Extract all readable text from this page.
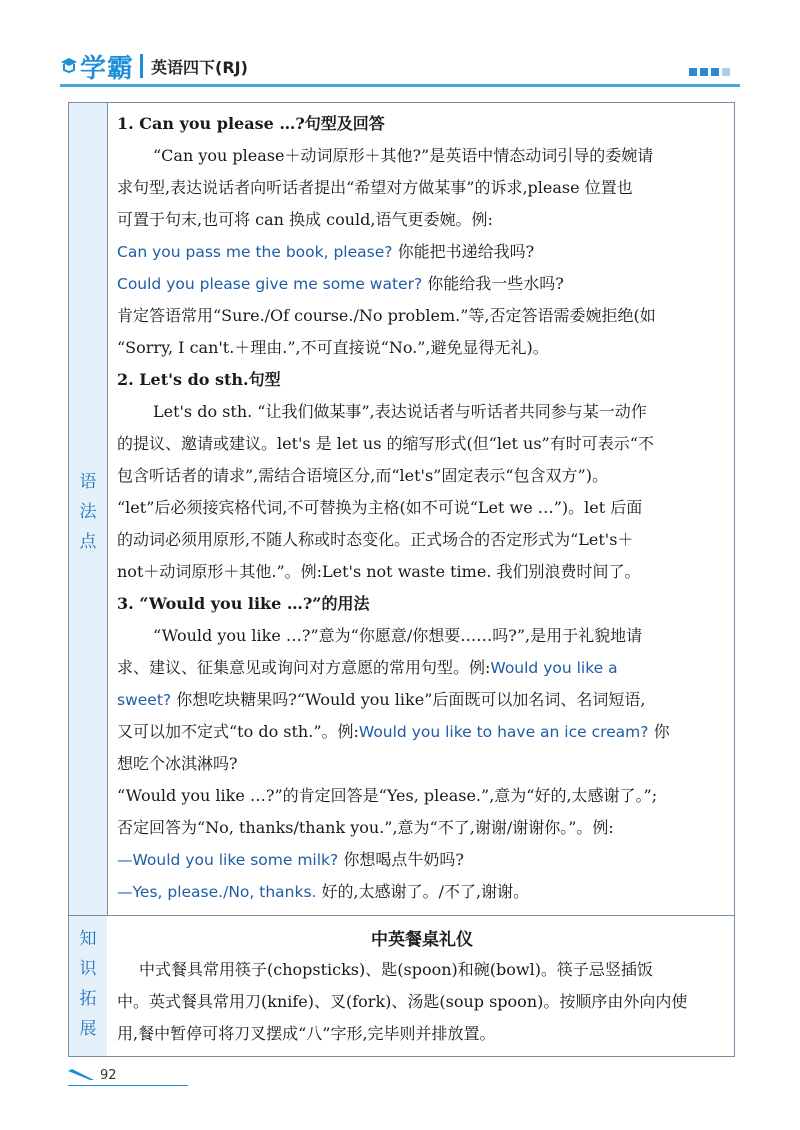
学霸 英语四下(RJ)
语
法
点
知
识
拓
展
1. Can you please …?句型及回答
“Can you please＋动词原形＋其他?”是英语中情态动词引导的委婉请
求句型,表达说话者向听话者提出“希望对方做某事”的诉求,please 位置也
可置于句末,也可将 can 换成 could,语气更委婉。例:
Can you pass me the book, please? 你能把书递给我吗?
Could you please give me some water? 你能给我一些水吗?
肯定答语常用“Sure./Of course./No problem.”等,否定答语需委婉拒绝(如
“Sorry, I can't.＋理由.”,不可直接说“No.”,避免显得无礼)。
2. Let's do sth.句型
Let's do sth. “让我们做某事”,表达说话者与听话者共同参与某一动作
的提议、邀请或建议。let's 是 let us 的缩写形式(但“let us”有时可表示“不
包含听话者的请求”,需结合语境区分,而“let's”固定表示“包含双方”)。
“let”后必须接宾格代词,不可替换为主格(如不可说“Let we …”)。let 后面
的动词必须用原形,不随人称或时态变化。正式场合的否定形式为“Let's＋
not＋动词原形＋其他.”。例:Let's not waste time. 我们别浪费时间了。
3. “Would you like …?”的用法
“Would you like …?”意为“你愿意/你想要……吗?”,是用于礼貌地请
求、建议、征集意见或询问对方意愿的常用句型。例:Would you like a
sweet? 你想吃块糖果吗?“Would you like”后面既可以加名词、名词短语,
又可以加不定式“to do sth.”。例:Would you like to have an ice cream? 你
想吃个冰淇淋吗?
“Would you like …?”的肯定回答是“Yes, please.”,意为“好的,太感谢了。”;
否定回答为“No, thanks/thank you.”,意为“不了,谢谢/谢谢你。”。例:
—Would you like some milk? 你想喝点牛奶吗?
—Yes, please./No, thanks. 好的,太感谢了。/不了,谢谢。
中英餐桌礼仪
中式餐具常用筷子(chopsticks)、匙(spoon)和碗(bowl)。筷子忌竖插饭
中。英式餐具常用刀(knife)、叉(fork)、汤匙(soup spoon)。按顺序由外向内使
用,餐中暂停可将刀叉摆成“八”字形,完毕则并排放置。
92
